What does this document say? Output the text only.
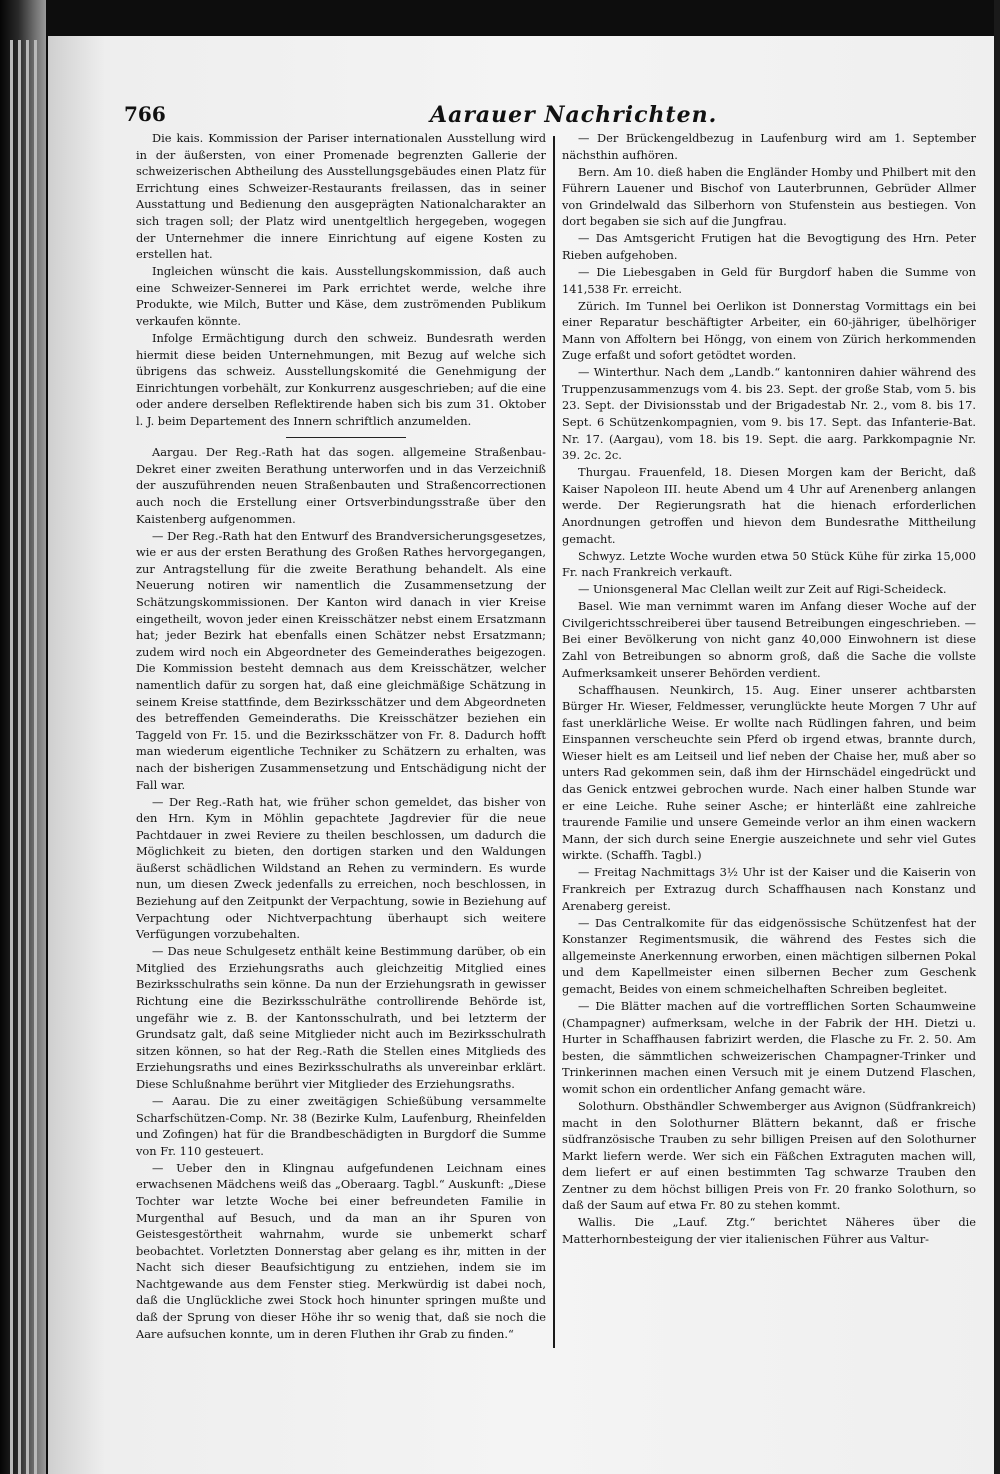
766	Aarauer Nachrichten.

Die kais. Kommission der Pariser internationalen Ausstellung wird in der äußersten, von einer Promenade begrenzten Gallerie der schweizerischen Abtheilung des Ausstellungsgebäudes einen Platz für Errichtung eines Schweizer-Restaurants freilassen, das in seiner Ausstattung und Bedienung den ausgeprägten Nationalcharakter an sich tragen soll; der Platz wird unentgeltlich hergegeben, wogegen der Unternehmer die innere Einrichtung auf eigene Kosten zu erstellen hat.

Ingleichen wünscht die kais. Ausstellungskommission, daß auch eine Schweizer-Sennerei im Park errichtet werde, welche ihre Produkte, wie Milch, Butter und Käse, dem zuströmenden Publikum verkaufen könnte.

Infolge Ermächtigung durch den schweiz. Bundesrath werden hiermit diese beiden Unternehmungen, mit Bezug auf welche sich übrigens das schweiz. Ausstellungskomité die Genehmigung der Einrichtungen vorbehält, zur Konkurrenz ausgeschrieben; auf die eine oder andere derselben Reflektirende haben sich bis zum 31. Oktober l. J. beim Departement des Innern schriftlich anzumelden.

Aargau. Der Reg.-Rath hat das sogen. allgemeine Straßenbau-Dekret einer zweiten Berathung unterworfen und in das Verzeichniß der auszuführenden neuen Straßenbauten und Straßencorrectionen auch noch die Erstellung einer Ortsverbindungsstraße über den Kaistenberg aufgenommen.

— Der Reg.-Rath hat den Entwurf des Brandversicherungsgesetzes, wie er aus der ersten Berathung des Großen Rathes hervorgegangen, zur Antragstellung für die zweite Berathung behandelt. Als eine Neuerung notiren wir namentlich die Zusammensetzung der Schätzungskommissionen. Der Kanton wird danach in vier Kreise eingetheilt, wovon jeder einen Kreisschätzer nebst einem Ersatzmann hat; jeder Bezirk hat ebenfalls einen Schätzer nebst Ersatzmann; zudem wird noch ein Abgeordneter des Gemeinderathes beigezogen. Die Kommission besteht demnach aus dem Kreisschätzer, welcher namentlich dafür zu sorgen hat, daß eine gleichmäßige Schätzung in seinem Kreise stattfinde, dem Bezirksschätzer und dem Abgeordneten des betreffenden Gemeinderaths. Die Kreisschätzer beziehen ein Taggeld von Fr. 15. und die Bezirksschätzer von Fr. 8. Dadurch hofft man wiederum eigentliche Techniker zu Schätzern zu erhalten, was nach der bisherigen Zusammensetzung und Entschädigung nicht der Fall war.

— Der Reg.-Rath hat, wie früher schon gemeldet, das bisher von den Hrn. Kym in Möhlin gepachtete Jagdrevier für die neue Pachtdauer in zwei Reviere zu theilen beschlossen, um dadurch die Möglichkeit zu bieten, den dortigen starken und den Waldungen äußerst schädlichen Wildstand an Rehen zu vermindern. Es wurde nun, um diesen Zweck jedenfalls zu erreichen, noch beschlossen, in Beziehung auf den Zeitpunkt der Verpachtung, sowie in Beziehung auf Verpachtung oder Nichtverpachtung überhaupt sich weitere Verfügungen vorzubehalten.

— Das neue Schulgesetz enthält keine Bestimmung darüber, ob ein Mitglied des Erziehungsraths auch gleichzeitig Mitglied eines Bezirksschulraths sein könne. Da nun der Erziehungsrath in gewisser Richtung eine die Bezirksschulräthe controllirende Behörde ist, ungefähr wie z. B. der Kantonsschulrath, und bei letzterm der Grundsatz galt, daß seine Mitglieder nicht auch im Bezirksschulrath sitzen können, so hat der Reg.-Rath die Stellen eines Mitglieds des Erziehungsraths und eines Bezirksschulraths als unvereinbar erklärt. Diese Schlußnahme berührt vier Mitglieder des Erziehungsraths.

— Aarau. Die zu einer zweitägigen Schießübung versammelte Scharfschützen-Comp. Nr. 38 (Bezirke Kulm, Laufenburg, Rheinfelden und Zofingen) hat für die Brandbeschädigten in Burgdorf die Summe von Fr. 110 gesteuert.

— Ueber den in Klingnau aufgefundenen Leichnam eines erwachsenen Mädchens weiß das „Oberaarg. Tagbl.“ Auskunft: „Diese Tochter war letzte Woche bei einer befreundeten Familie in Murgenthal auf Besuch, und da man an ihr Spuren von Geistesgestörtheit wahrnahm, wurde sie unbemerkt scharf beobachtet. Vorletzten Donnerstag aber gelang es ihr, mitten in der Nacht sich dieser Beaufsichtigung zu entziehen, indem sie im Nachtgewande aus dem Fenster stieg. Merkwürdig ist dabei noch, daß die Unglückliche zwei Stock hoch hinunter springen mußte und daß der Sprung von dieser Höhe ihr so wenig that, daß sie noch die Aare aufsuchen konnte, um in deren Fluthen ihr Grab zu finden.“

— Der Brückengeldbezug in Laufenburg wird am 1. September nächsthin aufhören.

Bern. Am 10. dieß haben die Engländer Homby und Philbert mit den Führern Lauener und Bischof von Lauterbrunnen, Gebrüder Allmer von Grindelwald das Silberhorn von Stufenstein aus bestiegen. Von dort begaben sie sich auf die Jungfrau.

— Das Amtsgericht Frutigen hat die Bevogtigung des Hrn. Peter Rieben aufgehoben.

— Die Liebesgaben in Geld für Burgdorf haben die Summe von 141,538 Fr. erreicht.

Zürich. Im Tunnel bei Oerlikon ist Donnerstag Vormittags ein bei einer Reparatur beschäftigter Arbeiter, ein 60-jähriger, übelhöriger Mann von Affoltern bei Höngg, von einem von Zürich herkommenden Zuge erfaßt und sofort getödtet worden.

— Winterthur. Nach dem „Landb.“ kantonniren dahier während des Truppenzusammenzugs vom 4. bis 23. Sept. der große Stab, vom 5. bis 23. Sept. der Divisionsstab und der Brigadestab Nr. 2., vom 8. bis 17. Sept. 6 Schützenkompagnien, vom 9. bis 17. Sept. das Infanterie-Bat. Nr. 17. (Aargau), vom 18. bis 19. Sept. die aarg. Parkkompagnie Nr. 39. 2c. 2c.

Thurgau. Frauenfeld, 18. Diesen Morgen kam der Bericht, daß Kaiser Napoleon III. heute Abend um 4 Uhr auf Arenenberg anlangen werde. Der Regierungsrath hat die hienach erforderlichen Anordnungen getroffen und hievon dem Bundesrathe Mittheilung gemacht.

Schwyz. Letzte Woche wurden etwa 50 Stück Kühe für zirka 15,000 Fr. nach Frankreich verkauft.

— Unionsgeneral Mac Clellan weilt zur Zeit auf Rigi-Scheideck.

Basel. Wie man vernimmt waren im Anfang dieser Woche auf der Civilgerichtsschreiberei über tausend Betreibungen eingeschrieben. — Bei einer Bevölkerung von nicht ganz 40,000 Einwohnern ist diese Zahl von Betreibungen so abnorm groß, daß die Sache die vollste Aufmerksamkeit unserer Behörden verdient.

Schaffhausen. Neunkirch, 15. Aug. Einer unserer achtbarsten Bürger Hr. Wieser, Feldmesser, verunglückte heute Morgen 7 Uhr auf fast unerklärliche Weise. Er wollte nach Rüdlingen fahren, und beim Einspannen verscheuchte sein Pferd ob irgend etwas, brannte durch, Wieser hielt es am Leitseil und lief neben der Chaise her, muß aber so unters Rad gekommen sein, daß ihm der Hirnschädel eingedrückt und das Genick entzwei gebrochen wurde. Nach einer halben Stunde war er eine Leiche. Ruhe seiner Asche; er hinterläßt eine zahlreiche traurende Familie und unsere Gemeinde verlor an ihm einen wackern Mann, der sich durch seine Energie auszeichnete und sehr viel Gutes wirkte. (Schaffh. Tagbl.)

— Freitag Nachmittags 3½ Uhr ist der Kaiser und die Kaiserin von Frankreich per Extrazug durch Schaffhausen nach Konstanz und Arenaberg gereist.

— Das Centralkomite für das eidgenössische Schützenfest hat der Konstanzer Regimentsmusik, die während des Festes sich die allgemeinste Anerkennung erworben, einen mächtigen silbernen Pokal und dem Kapellmeister einen silbernen Becher zum Geschenk gemacht, Beides von einem schmeichelhaften Schreiben begleitet.

— Die Blätter machen auf die vortrefflichen Sorten Schaumweine (Champagner) aufmerksam, welche in der Fabrik der HH. Dietzi u. Hurter in Schaffhausen fabrizirt werden, die Flasche zu Fr. 2. 50. Am besten, die sämmtlichen schweizerischen Champagner-Trinker und Trinkerinnen machen einen Versuch mit je einem Dutzend Flaschen, womit schon ein ordentlicher Anfang gemacht wäre.

Solothurn. Obsthändler Schwemberger aus Avignon (Südfrankreich) macht in den Solothurner Blättern bekannt, daß er frische südfranzösische Trauben zu sehr billigen Preisen auf den Solothurner Markt liefern werde. Wer sich ein Fäßchen Extraguten machen will, dem liefert er auf einen bestimmten Tag schwarze Trauben den Zentner zu dem höchst billigen Preis von Fr. 20 franko Solothurn, so daß der Saum auf etwa Fr. 80 zu stehen kommt.

Wallis. Die „Lauf. Ztg.“ berichtet Näheres über die Matterhornbesteigung der vier italienischen Führer aus Valtur-
